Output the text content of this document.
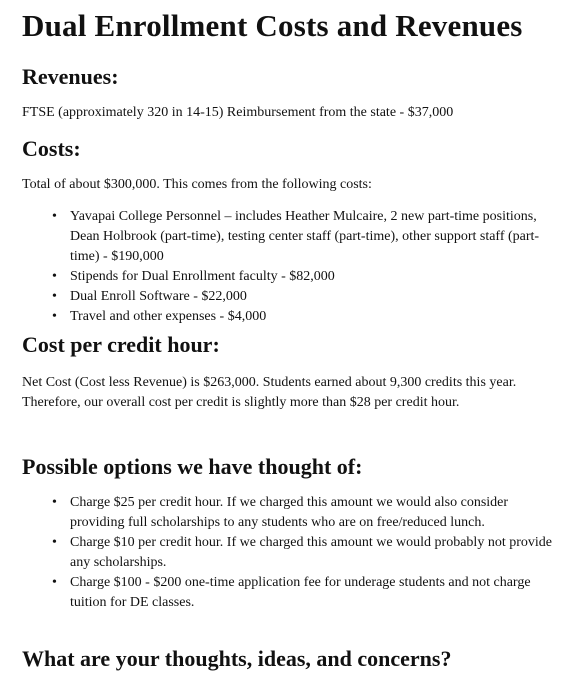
Dual Enrollment Costs and Revenues
Revenues:

FTSE (approximately 320 in 14-15) Reimbursement from the state - $37,000

Costs:

Total of about $300,000. This comes from the following costs:

• Yavapai College Personnel – includes Heather Mulcaire, 2 new part-time positions, Dean Holbrook (part-time), testing center staff (part-time), other support staff (part-time) - $190,000
• Stipends for Dual Enrollment faculty - $82,000
• Dual Enroll Software - $22,000
• Travel and other expenses - $4,000
Cost per credit hour:

Net Cost (Cost less Revenue) is $263,000. Students earned about 9,300 credits this year. Therefore, our overall cost per credit is slightly more than $28 per credit hour.

Possible options we have thought of:
• Charge $25 per credit hour. If we charged this amount we would also consider providing full scholarships to any students who are on free/reduced lunch.
• Charge $10 per credit hour. If we charged this amount we would probably not provide any scholarships.
• Charge $100 - $200 one-time application fee for underage students and not charge tuition for DE classes.
What are your thoughts, ideas, and concerns?
